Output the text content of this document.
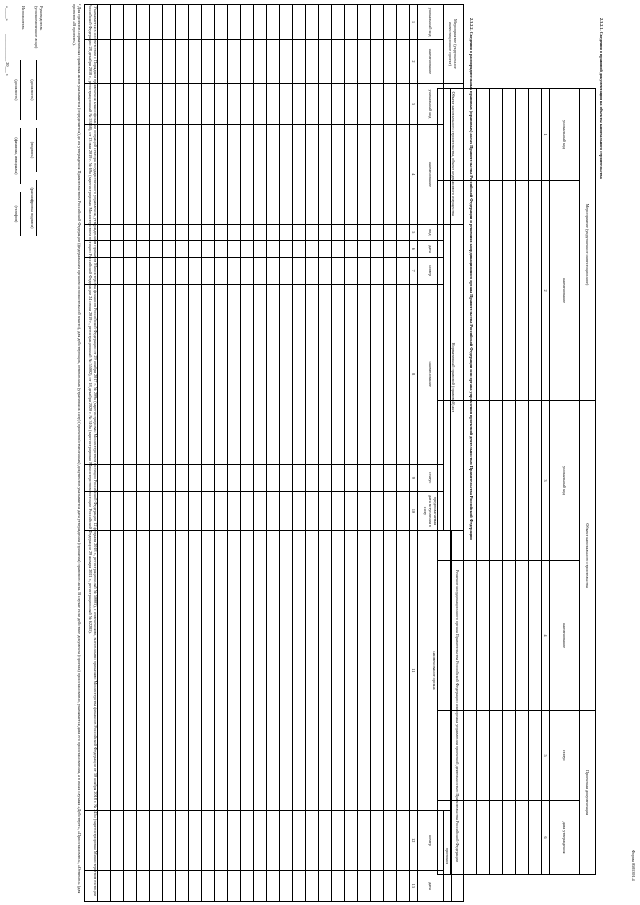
Форма 0505391.4
2.3.2.1. Сведения о правовой документации на объекты капитального строительства
Мероприятие (укрупненное инвестиционное)		Объект капитального строительства		Проектная документация	
уникальный код	наименование	уникальный код	наименование	статус	дата утверждения
1	2	3	4	5	6

2.3.2.2. Сведения о распорядительных правовых (правовых) актах Правительства Российской Федерации и решениях координационного органа Правительства Российской Федерации или органа управления проектной деятельностью Правительства Российской Федерации
Мероприятие (укрупненное инвестиционное проект)		Объект капитального строительства, объект недвижимого имущества		Нормативный правовой (правовой) акт						Решение координационного органа Правительства Российской Федерации или органа управления проектной деятельностью Правительства Российской Федерации		
										наименование органа	протокол	
уникальный код	наименование	уникальный код	наименование	вид	дата	номер	наименование	статус	предполагаемая дата вступления в силу		номер	дата
1	2	3	4	5	6	7	8	9	10	11	12	13

¹ Указывается в соответствии с Порядком применения классификации операций сектора государственного управления, утвержденным приказом Министерства финансов Российской Федерации от 29 ноября 2017 г. № 209н (зарегистрирован Министерством юстиции Российской Федерации 12 февраля 2018 г., регистрационный № 50003), с изменениями, внесенными приказами Министерства финансов Российской Федерации от 30 ноября 2018 г. № 245н (зарегистрирован Министерством юстиции Российской Федерации 28 декабря 2018 г., регистрационный № 53168), от 13 мая 2019 г. № 69н (зарегистрирован Министерством юстиции Российской Федерации 24 июня 2019 г., регистрационный № 55002), от 18 декабря 2020 г. № 310н (зарегистрирован Министерством юстиции Российской Федерации 29 января 2021 г., регистрационный № 62285).
² Для проектов нормативных правовых актов указывается (определяется) до их утверждения Правительством Российской Федерации (федеральным органом исполнительной власти), для действующих, отмененных (утративших силу) (проектов/отмененных) документов указывается дата утверждения (принятия) правового акта. В случае если действие документа (проекта) приостановлено, указывается дата его приостановления, а в иных случаях «Действует», «Приостановлен», «Отменен» (для проектов «В проекте»).
Руководитель
(уполномоченное лицо)
(должность)
(подпись)
(расшифровка подписи)
Исполнитель
(должность)
(фамилия, инициалы)
(телефон)
«_____»
_____________ 20___ г.
